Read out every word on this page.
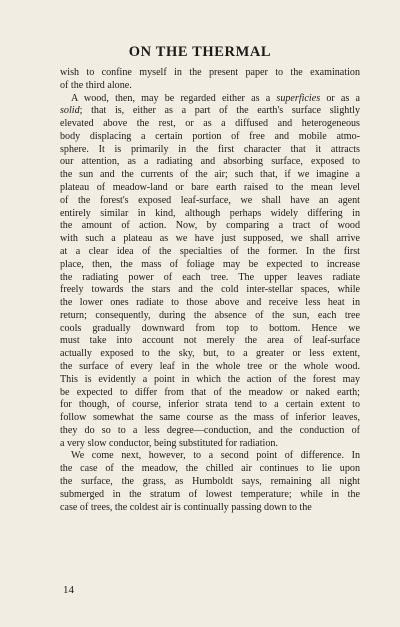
ON THE THERMAL
wish to confine myself in the present paper to the examination
of the third alone.
A wood, then, may be regarded either as a superficies or as a
solid; that is, either as a part of the earth's surface slightly
elevated above the rest, or as a diffused and heterogeneous
body displacing a certain portion of free and mobile atmo-
sphere. It is primarily in the first character that it attracts
our attention, as a radiating and absorbing surface, exposed to
the sun and the currents of the air; such that, if we imagine a
plateau of meadow-land or bare earth raised to the mean level
of the forest's exposed leaf-surface, we shall have an agent
entirely similar in kind, although perhaps widely differing in
the amount of action. Now, by comparing a tract of wood
with such a plateau as we have just supposed, we shall arrive
at a clear idea of the specialties of the former. In the first
place, then, the mass of foliage may be expected to increase
the radiating power of each tree. The upper leaves radiate
freely towards the stars and the cold inter-stellar spaces, while
the lower ones radiate to those above and receive less heat in
return; consequently, during the absence of the sun, each tree
cools gradually downward from top to bottom. Hence we
must take into account not merely the area of leaf-surface
actually exposed to the sky, but, to a greater or less extent,
the surface of every leaf in the whole tree or the whole wood.
This is evidently a point in which the action of the forest may
be expected to differ from that of the meadow or naked earth;
for though, of course, inferior strata tend to a certain extent to
follow somewhat the same course as the mass of inferior leaves,
they do so to a less degree—conduction, and the conduction of
a very slow conductor, being substituted for radiation.
We come next, however, to a second point of difference. In
the case of the meadow, the chilled air continues to lie upon
the surface, the grass, as Humboldt says, remaining all night
submerged in the stratum of lowest temperature; while in the
case of trees, the coldest air is continually passing down to the
14
